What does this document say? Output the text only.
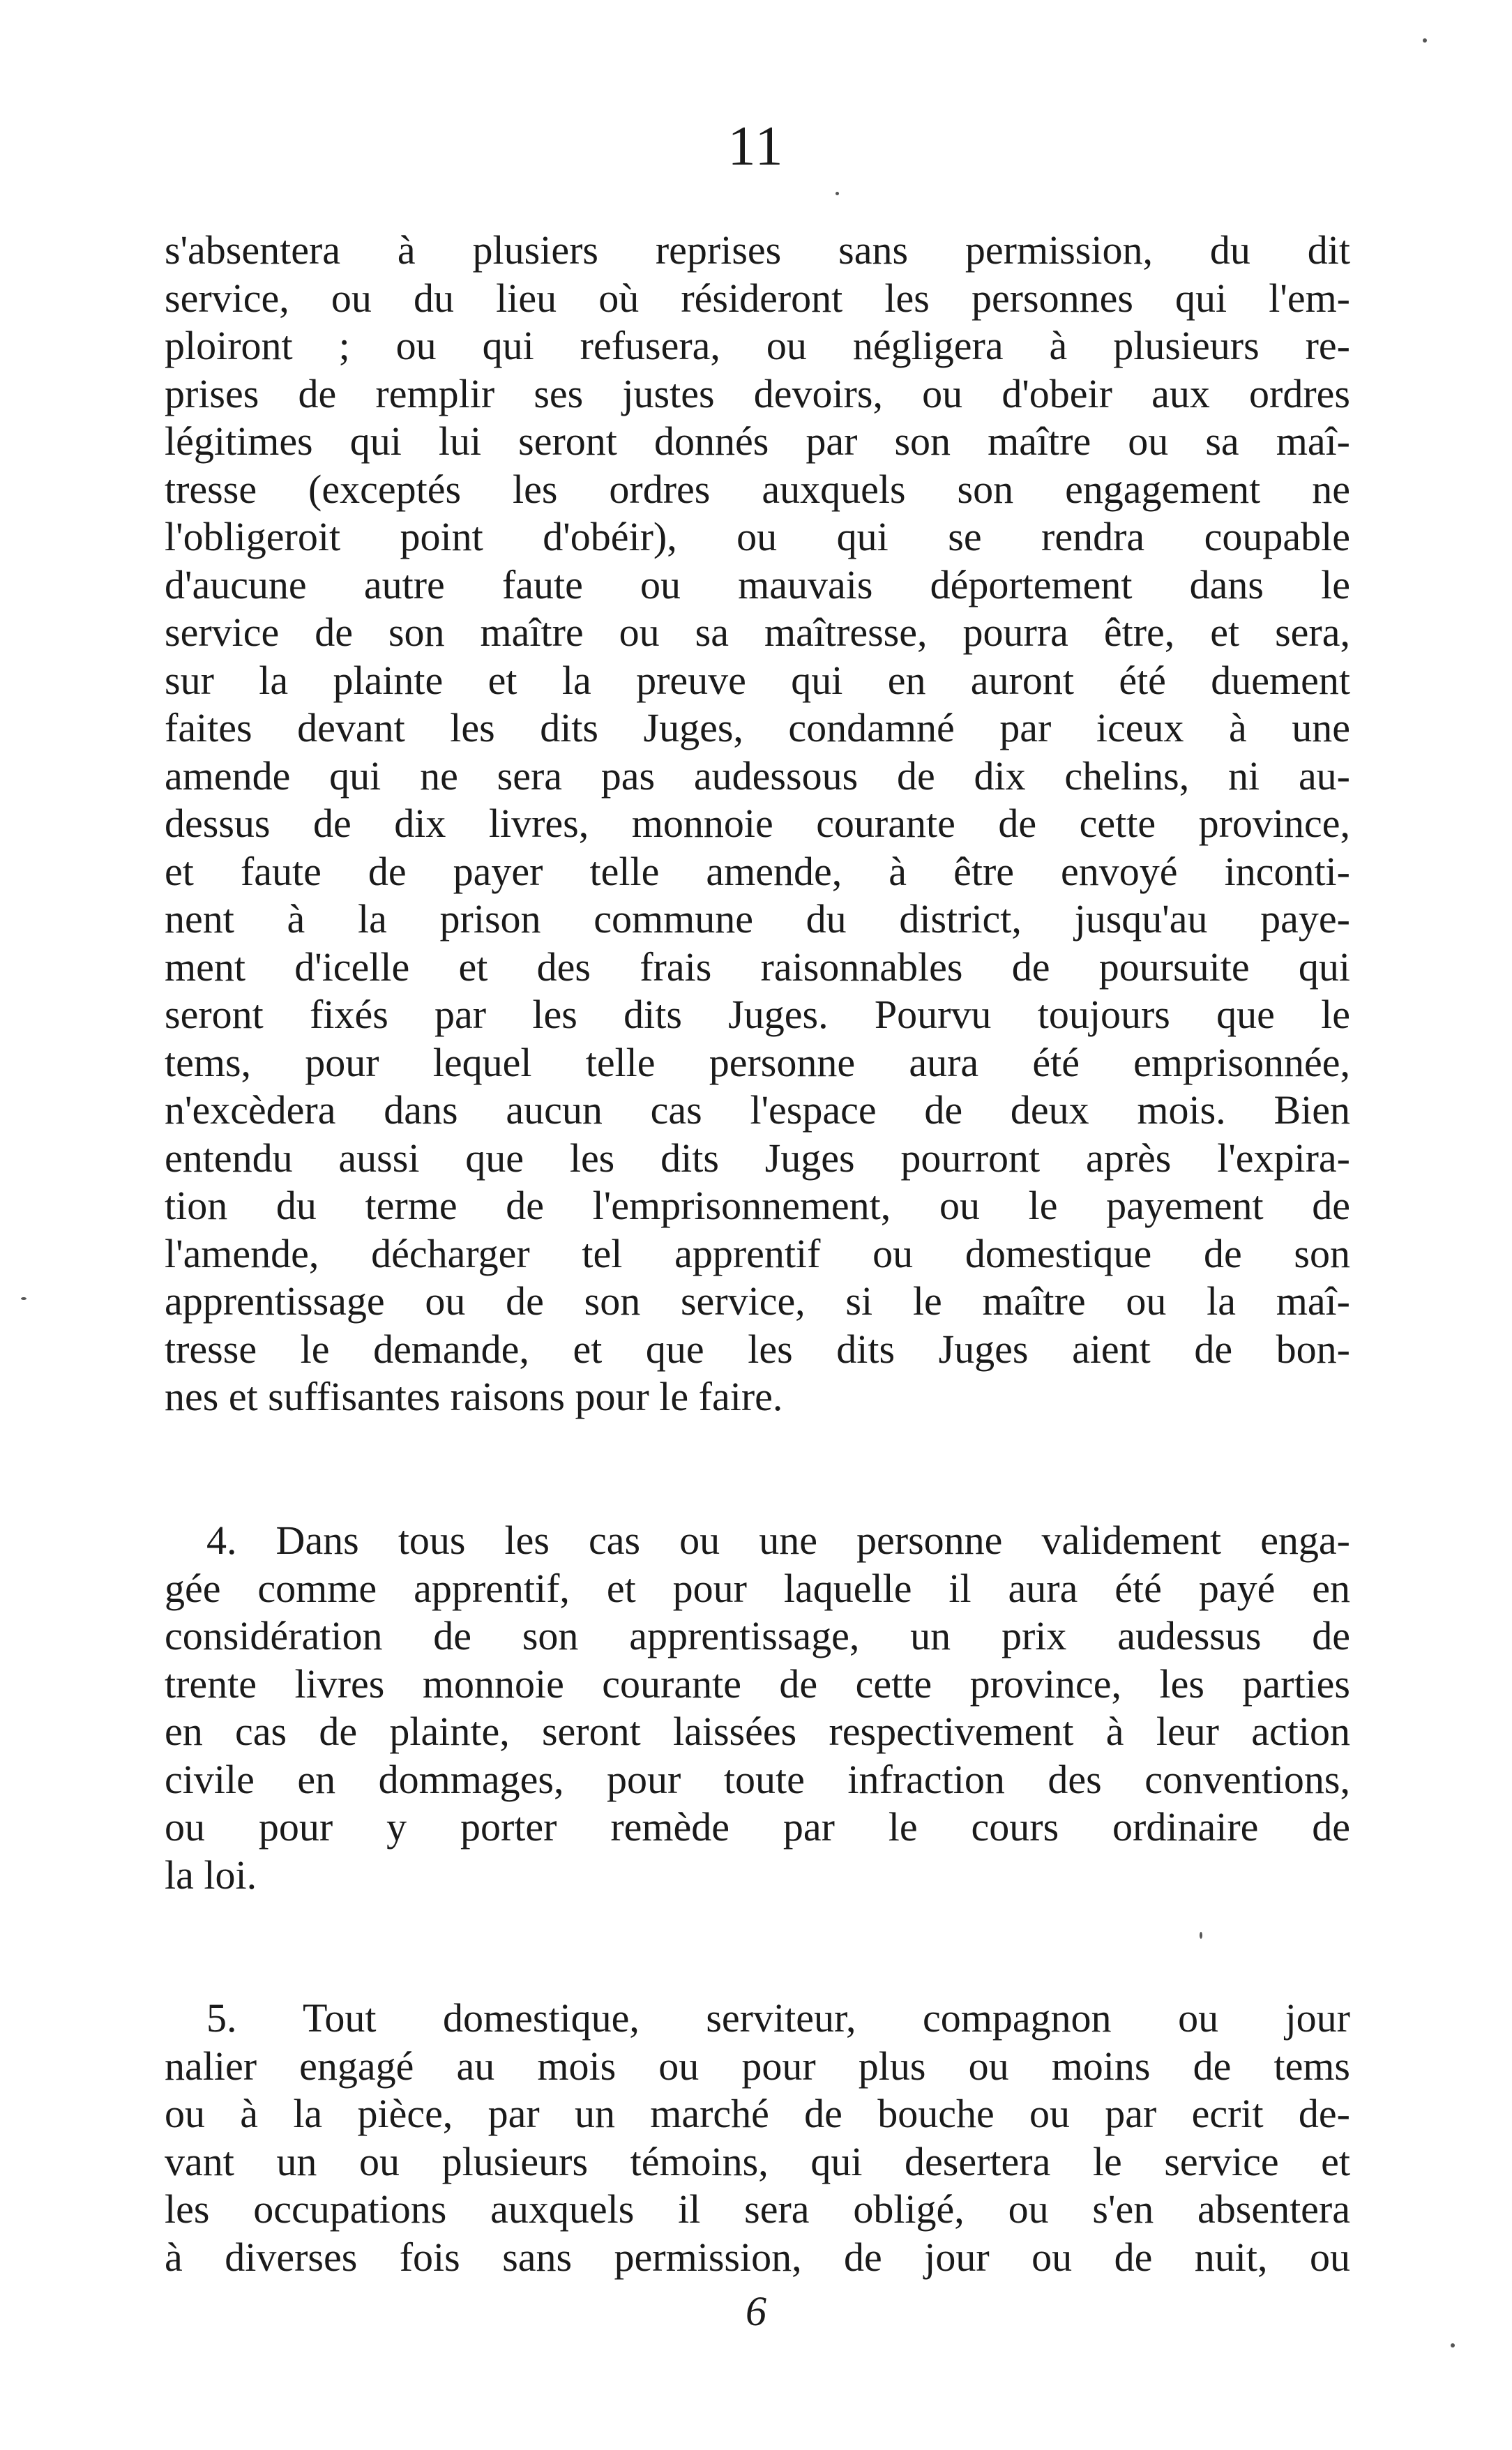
11
s'absentera à plusiers reprises sans permission, du dit
service, ou du lieu où résideront les personnes qui l'em-
ploiront ; ou qui refusera, ou négligera à plusieurs re-
prises de remplir ses justes devoirs, ou d'obeir aux ordres
légitimes qui lui seront donnés par son maître ou sa maî-
tresse (exceptés les ordres auxquels son engagement ne
l'obligeroit point d'obéir), ou qui se rendra coupable
d'aucune autre faute ou mauvais déportement dans le
service de son maître ou sa maîtresse, pourra être, et sera,
sur la plainte et la preuve qui en auront été duement
faites devant les dits Juges, condamné par iceux à une
amende qui ne sera pas audessous de dix chelins, ni au-
dessus de dix livres, monnoie courante de cette province,
et faute de payer telle amende, à être envoyé inconti-
nent à la prison commune du district, jusqu'au paye-
ment d'icelle et des frais raisonnables de poursuite qui
seront fixés par les dits Juges. Pourvu toujours que le
tems, pour lequel telle personne aura été emprisonnée,
n'excèdera dans aucun cas l'espace de deux mois. Bien
entendu aussi que les dits Juges pourront après l'expira-
tion du terme de l'emprisonnement, ou le payement de
l'amende, décharger tel apprentif ou domestique de son
apprentissage ou de son service, si le maître ou la maî-
tresse le demande, et que les dits Juges aient de bon-
nes et suffisantes raisons pour le faire.
4. Dans tous les cas ou une personne validement enga-
gée comme apprentif, et pour laquelle il aura été payé en
considération de son apprentissage, un prix audessus de
trente livres monnoie courante de cette province, les parties
en cas de plainte, seront laissées respectivement à leur action
civile en dommages, pour toute infraction des conventions,
ou pour y porter remède par le cours ordinaire de
la loi.
5. Tout domestique, serviteur, compagnon ou jour
nalier engagé au mois ou pour plus ou moins de tems
ou à la pièce, par un marché de bouche ou par ecrit de-
vant un ou plusieurs témoins, qui desertera le service et
les occupations auxquels il sera obligé, ou s'en absentera
à diverses fois sans permission, de jour ou de nuit, ou
6
